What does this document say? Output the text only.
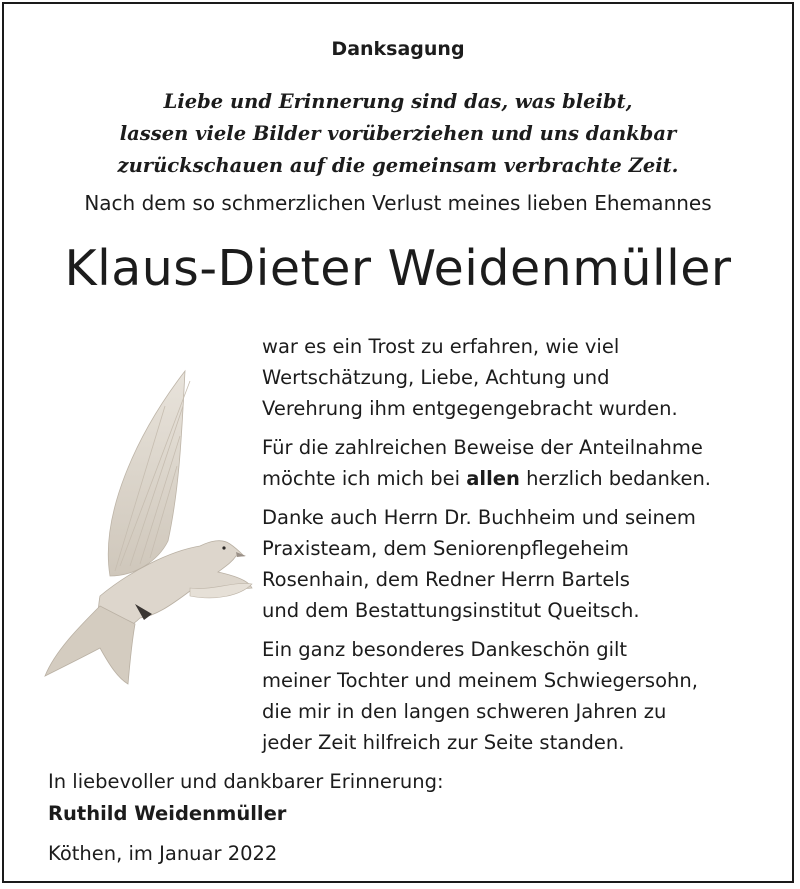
Danksagung
Liebe und Erinnerung sind das, was bleibt,
lassen viele Bilder vorüberziehen und uns dankbar
zurückschauen auf die gemeinsam verbrachte Zeit.
Nach dem so schmerzlichen Verlust meines lieben Ehemannes
Klaus-Dieter Weidenmüller

war es ein Trost zu erfahren, wie viel
Wertschätzung, Liebe, Achtung und
Verehrung ihm entgegengebracht wurden.

Für die zahlreichen Beweise der Anteilnahme
möchte ich mich bei allen herzlich bedanken.

Danke auch Herrn Dr. Buchheim und seinem
Praxisteam, dem Seniorenpflegeheim
Rosenhain, dem Redner Herrn Bartels
und dem Bestattungsinstitut Queitsch.

Ein ganz besonderes Dankeschön gilt
meiner Tochter und meinem Schwiegersohn,
die mir in den langen schweren Jahren zu
jeder Zeit hilfreich zur Seite standen.

In liebevoller und dankbarer Erinnerung:
Ruthild Weidenmüller
Köthen, im Januar 2022
